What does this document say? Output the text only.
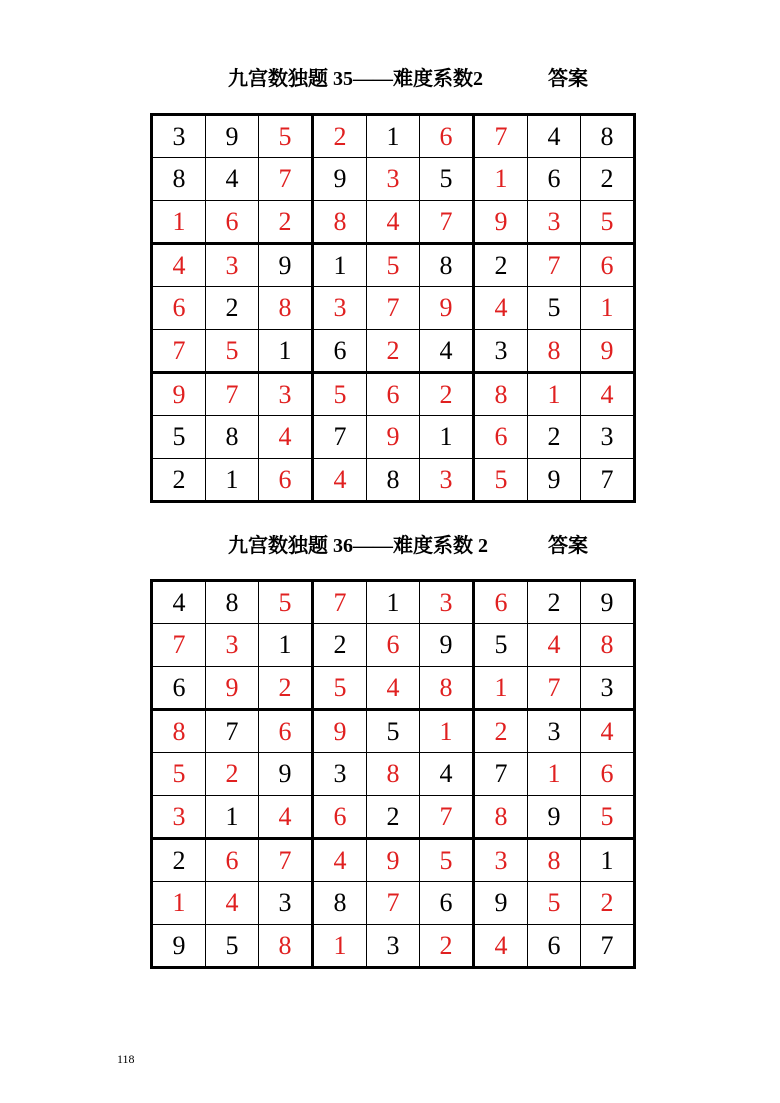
九宫数独题 35——难度系数2	答案
3	9	5	2	1	6	7	4	8
8	4	7	9	3	5	1	6	2
1	6	2	8	4	7	9	3	5
4	3	9	1	5	8	2	7	6
6	2	8	3	7	9	4	5	1
7	5	1	6	2	4	3	8	9
9	7	3	5	6	2	8	1	4
5	8	4	7	9	1	6	2	3
2	1	6	4	8	3	5	9	7
九宫数独题 36——难度系数 2	答案
4	8	5	7	1	3	6	2	9
7	3	1	2	6	9	5	4	8
6	9	2	5	4	8	1	7	3
8	7	6	9	5	1	2	3	4
5	2	9	3	8	4	7	1	6
3	1	4	6	2	7	8	9	5
2	6	7	4	9	5	3	8	1
1	4	3	8	7	6	9	5	2
9	5	8	1	3	2	4	6	7
118
